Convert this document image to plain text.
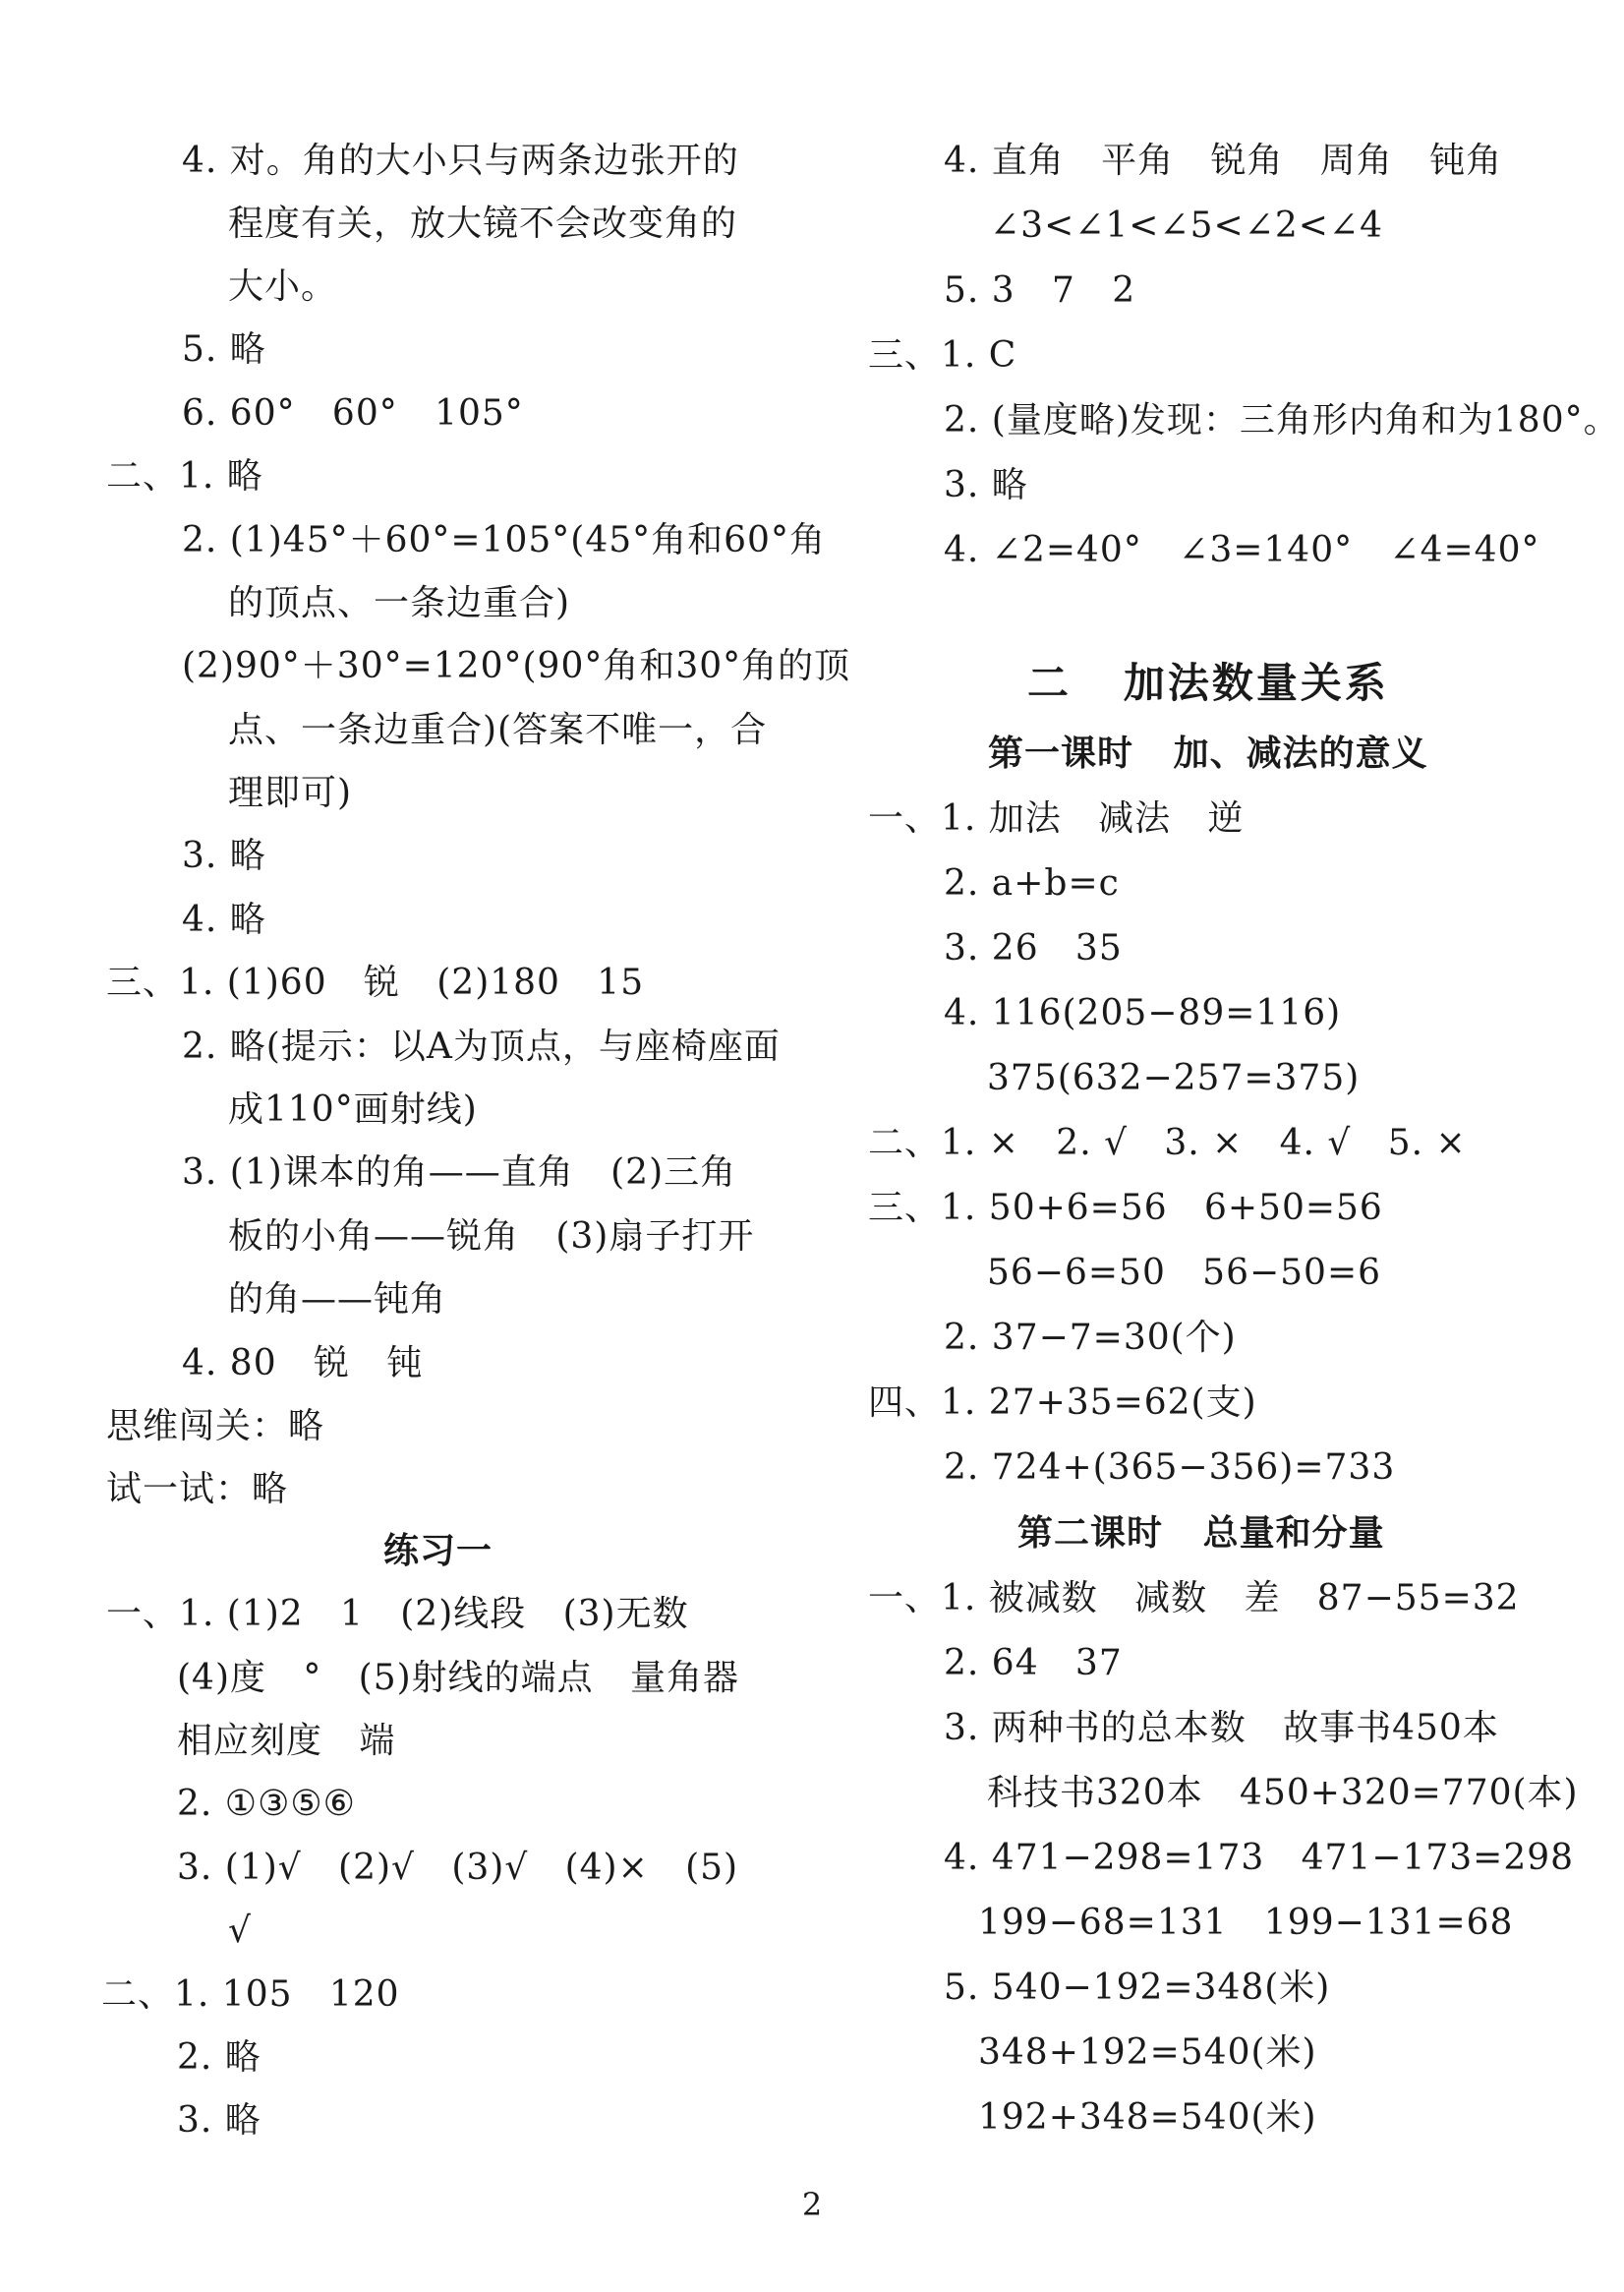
4. 对。角的大小只与两条边张开的
程度有关，放大镜不会改变角的
大小。
5. 略
6. 60°   60°   105°
二、1. 略
2. (1)45°＋60°=105°(45°角和60°角
的顶点、一条边重合)
(2)90°＋30°=120°(90°角和30°角的顶
点、一条边重合)(答案不唯一，合
理即可)
3. 略
4. 略
三、1. (1)60   锐   (2)180   15
2. 略(提示：以A为顶点，与座椅座面
成110°画射线)
3. (1)课本的角——直角   (2)三角
板的小角——锐角   (3)扇子打开
的角——钝角
4. 80   锐   钝
思维闯关：略
试一试：略
练习一
一、1. (1)2   1   (2)线段   (3)无数
(4)度   °   (5)射线的端点   量角器
相应刻度   端
2. ①③⑤⑥
3. (1)√   (2)√   (3)√   (4)×   (5)
√
二、1. 105   120
2. 略
3. 略
4. 直角   平角   锐角   周角   钝角
∠3<∠1<∠5<∠2<∠4
5. 3   7   2
三、1. C
2. (量度略)发现：三角形内角和为180°。
3. 略
4. ∠2=40°   ∠3=140°   ∠4=40°
二   加法数量关系
第一课时   加、减法的意义
一、1. 加法   减法   逆
2. a+b=c
3. 26   35
4. 116(205−89=116)
375(632−257=375)
二、1. ×   2. √   3. ×   4. √   5. ×
三、1. 50+6=56   6+50=56
56−6=50   56−50=6
2. 37−7=30(个)
四、1. 27+35=62(支)
2. 724+(365−356)=733
第二课时   总量和分量
一、1. 被减数   减数   差   87−55=32
2. 64   37
3. 两种书的总本数   故事书450本
科技书320本   450+320=770(本)
4. 471−298=173   471−173=298
199−68=131   199−131=68
5. 540−192=348(米)
348+192=540(米)
192+348=540(米)
2
